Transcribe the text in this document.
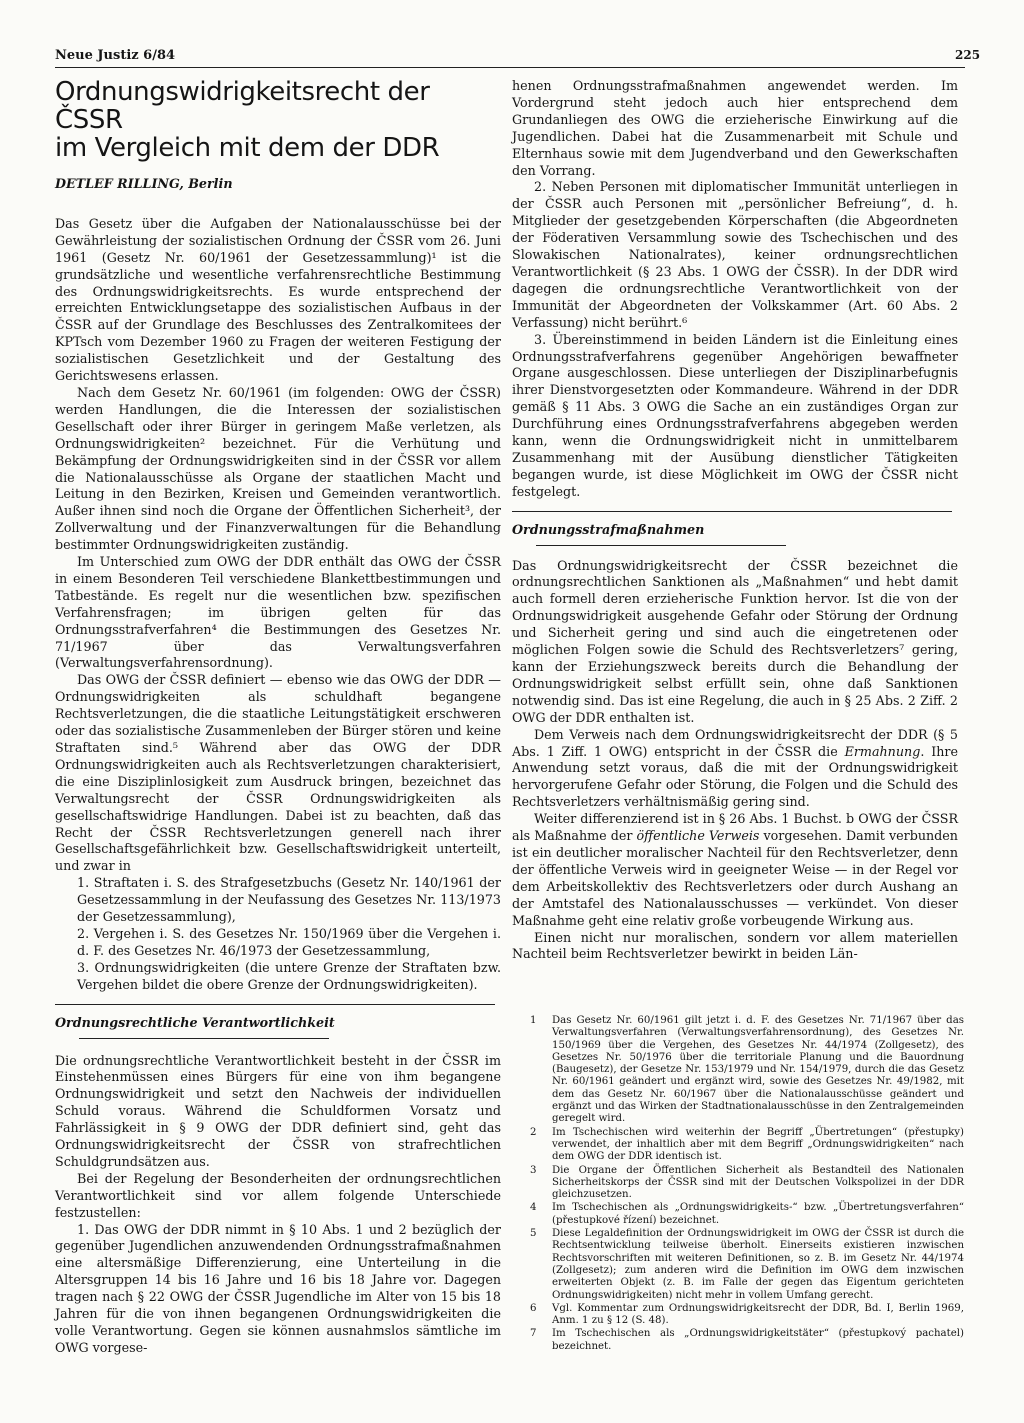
Neue Justiz 6/84	225
Ordnungswidrigkeitsrecht der ČSSR
im Vergleich mit dem der DDR

DETLEF RILLING, Berlin

Das Gesetz über die Aufgaben der Nationalausschüsse bei der Gewährleistung der sozialistischen Ordnung der ČSSR vom 26. Juni 1961 (Gesetz Nr. 60/1961 der Gesetzessammlung)¹ ist die grundsätzliche und wesentliche verfahrensrechtliche Bestimmung des Ordnungswidrigkeitsrechts. Es wurde entsprechend der erreichten Entwicklungsetappe des sozialistischen Aufbaus in der ČSSR auf der Grundlage des Beschlusses des Zentralkomitees der KPTsch vom Dezember 1960 zu Fragen der weiteren Festigung der sozialistischen Gesetzlichkeit und der Gestaltung des Gerichtswesens erlassen.

Nach dem Gesetz Nr. 60/1961 (im folgenden: OWG der ČSSR) werden Handlungen, die die Interessen der sozialistischen Gesellschaft oder ihrer Bürger in geringem Maße verletzen, als Ordnungswidrigkeiten² bezeichnet. Für die Verhütung und Bekämpfung der Ordnungswidrigkeiten sind in der ČSSR vor allem die Nationalausschüsse als Organe der staatlichen Macht und Leitung in den Bezirken, Kreisen und Gemeinden verantwortlich. Außer ihnen sind noch die Organe der Öffentlichen Sicherheit³, der Zollverwaltung und der Finanzverwaltungen für die Behandlung bestimmter Ordnungswidrigkeiten zuständig.

Im Unterschied zum OWG der DDR enthält das OWG der ČSSR in einem Besonderen Teil verschiedene Blankettbestimmungen und Tatbestände. Es regelt nur die wesentlichen bzw. spezifischen Verfahrensfragen; im übrigen gelten für das Ordnungsstrafverfahren⁴ die Bestimmungen des Gesetzes Nr. 71/1967 über das Verwaltungsverfahren (Verwaltungsverfahrensordnung).

Das OWG der ČSSR definiert — ebenso wie das OWG der DDR — Ordnungswidrigkeiten als schuldhaft begangene Rechtsverletzungen, die die staatliche Leitungstätigkeit erschweren oder das sozialistische Zusammenleben der Bürger stören und keine Straftaten sind.⁵ Während aber das OWG der DDR Ordnungswidrigkeiten auch als Rechtsverletzungen charakterisiert, die eine Disziplinlosigkeit zum Ausdruck bringen, bezeichnet das Verwaltungsrecht der ČSSR Ordnungswidrigkeiten als gesellschaftswidrige Handlungen. Dabei ist zu beachten, daß das Recht der ČSSR Rechtsverletzungen generell nach ihrer Gesellschaftsgefährlichkeit bzw. Gesellschaftswidrigkeit unterteilt, und zwar in

1. Straftaten i. S. des Strafgesetzbuchs (Gesetz Nr. 140/1961 der Gesetzessammlung in der Neufassung des Gesetzes Nr. 113/1973 der Gesetzessammlung),

2. Vergehen i. S. des Gesetzes Nr. 150/1969 über die Vergehen i. d. F. des Gesetzes Nr. 46/1973 der Gesetzessammlung,

3. Ordnungswidrigkeiten (die untere Grenze der Straftaten bzw. Vergehen bildet die obere Grenze der Ordnungswidrigkeiten).

Ordnungsrechtliche Verantwortlichkeit

Die ordnungsrechtliche Verantwortlichkeit besteht in der ČSSR im Einstehenmüssen eines Bürgers für eine von ihm begangene Ordnungswidrigkeit und setzt den Nachweis der individuellen Schuld voraus. Während die Schuldformen Vorsatz und Fahrlässigkeit in § 9 OWG der DDR definiert sind, geht das Ordnungswidrigkeitsrecht der ČSSR von strafrechtlichen Schuldgrundsätzen aus.

Bei der Regelung der Besonderheiten der ordnungsrechtlichen Verantwortlichkeit sind vor allem folgende Unterschiede festzustellen:

1. Das OWG der DDR nimmt in § 10 Abs. 1 und 2 bezüglich der gegenüber Jugendlichen anzuwendenden Ordnungsstrafmaßnahmen eine altersmäßige Differenzierung, eine Unterteilung in die Altersgruppen 14 bis 16 Jahre und 16 bis 18 Jahre vor. Dagegen tragen nach § 22 OWG der ČSSR Jugendliche im Alter von 15 bis 18 Jahren für die von ihnen begangenen Ordnungswidrigkeiten die volle Verantwortung. Gegen sie können ausnahmslos sämtliche im OWG vorgese-

henen Ordnungsstrafmaßnahmen angewendet werden. Im Vordergrund steht jedoch auch hier entsprechend dem Grundanliegen des OWG die erzieherische Einwirkung auf die Jugendlichen. Dabei hat die Zusammenarbeit mit Schule und Elternhaus sowie mit dem Jugendverband und den Gewerkschaften den Vorrang.

2. Neben Personen mit diplomatischer Immunität unterliegen in der ČSSR auch Personen mit „persönlicher Befreiung“, d. h. Mitglieder der gesetzgebenden Körperschaften (die Abgeordneten der Föderativen Versammlung sowie des Tschechischen und des Slowakischen Nationalrates), keiner ordnungsrechtlichen Verantwortlichkeit (§ 23 Abs. 1 OWG der ČSSR). In der DDR wird dagegen die ordnungsrechtliche Verantwortlichkeit von der Immunität der Abgeordneten der Volkskammer (Art. 60 Abs. 2 Verfassung) nicht berührt.⁶

3. Übereinstimmend in beiden Ländern ist die Einleitung eines Ordnungsstrafverfahrens gegenüber Angehörigen bewaffneter Organe ausgeschlossen. Diese unterliegen der Disziplinarbefugnis ihrer Dienstvorgesetzten oder Kommandeure. Während in der DDR gemäß § 11 Abs. 3 OWG die Sache an ein zuständiges Organ zur Durchführung eines Ordnungsstrafverfahrens abgegeben werden kann, wenn die Ordnungswidrigkeit nicht in unmittelbarem Zusammenhang mit der Ausübung dienstlicher Tätigkeiten begangen wurde, ist diese Möglichkeit im OWG der ČSSR nicht festgelegt.

Ordnungsstrafmaßnahmen

Das Ordnungswidrigkeitsrecht der ČSSR bezeichnet die ordnungsrechtlichen Sanktionen als „Maßnahmen“ und hebt damit auch formell deren erzieherische Funktion hervor. Ist die von der Ordnungswidrigkeit ausgehende Gefahr oder Störung der Ordnung und Sicherheit gering und sind auch die eingetretenen oder möglichen Folgen sowie die Schuld des Rechtsverletzers⁷ gering, kann der Erziehungszweck bereits durch die Behandlung der Ordnungswidrigkeit selbst erfüllt sein, ohne daß Sanktionen notwendig sind. Das ist eine Regelung, die auch in § 25 Abs. 2 Ziff. 2 OWG der DDR enthalten ist.

Dem Verweis nach dem Ordnungswidrigkeitsrecht der DDR (§ 5 Abs. 1 Ziff. 1 OWG) entspricht in der ČSSR die Ermahnung. Ihre Anwendung setzt voraus, daß die mit der Ordnungswidrigkeit hervorgerufene Gefahr oder Störung, die Folgen und die Schuld des Rechtsverletzers verhältnismäßig gering sind.

Weiter differenzierend ist in § 26 Abs. 1 Buchst. b OWG der ČSSR als Maßnahme der öffentliche Verweis vorgesehen. Damit verbunden ist ein deutlicher moralischer Nachteil für den Rechtsverletzer, denn der öffentliche Verweis wird in geeigneter Weise — in der Regel vor dem Arbeitskollektiv des Rechtsverletzers oder durch Aushang an der Amtstafel des Nationalausschusses — verkündet. Von dieser Maßnahme geht eine relativ große vorbeugende Wirkung aus.

Einen nicht nur moralischen, sondern vor allem materiellen Nachteil beim Rechtsverletzer bewirkt in beiden Län-

1	Das Gesetz Nr. 60/1961 gilt jetzt i. d. F. des Gesetzes Nr. 71/1967 über das Verwaltungsverfahren (Verwaltungsverfahrensordnung), des Gesetzes Nr. 150/1969 über die Vergehen, des Gesetzes Nr. 44/1974 (Zollgesetz), des Gesetzes Nr. 50/1976 über die territoriale Planung und die Bauordnung (Baugesetz), der Gesetze Nr. 153/1979 und Nr. 154/1979, durch die das Gesetz Nr. 60/1961 geändert und ergänzt wird, sowie des Gesetzes Nr. 49/1982, mit dem das Gesetz Nr. 60/1967 über die Nationalausschüsse geändert und ergänzt und das Wirken der Stadtnationalausschüsse in den Zentralgemeinden geregelt wird.
2	Im Tschechischen wird weiterhin der Begriff „Übertretungen“ (přestupky) verwendet, der inhaltlich aber mit dem Begriff „Ordnungswidrigkeiten“ nach dem OWG der DDR identisch ist.
3	Die Organe der Öffentlichen Sicherheit als Bestandteil des Nationalen Sicherheitskorps der ČSSR sind mit der Deutschen Volkspolizei in der DDR gleichzusetzen.
4	Im Tschechischen als „Ordnungswidrigkeits-“ bzw. „Übertretungsverfahren“ (přestupkové řízení) bezeichnet.
5	Diese Legaldefinition der Ordnungswidrigkeit im OWG der ČSSR ist durch die Rechtsentwicklung teilweise überholt. Einerseits existieren inzwischen Rechtsvorschriften mit weiteren Definitionen, so z. B. im Gesetz Nr. 44/1974 (Zollgesetz); zum anderen wird die Definition im OWG dem inzwischen erweiterten Objekt (z. B. im Falle der gegen das Eigentum gerichteten Ordnungswidrigkeiten) nicht mehr in vollem Umfang gerecht.
6	Vgl. Kommentar zum Ordnungswidrigkeitsrecht der DDR, Bd. I, Berlin 1969, Anm. 1 zu § 12 (S. 48).
7	Im Tschechischen als „Ordnungswidrigkeitstäter“ (přestupkový pachatel) bezeichnet.
